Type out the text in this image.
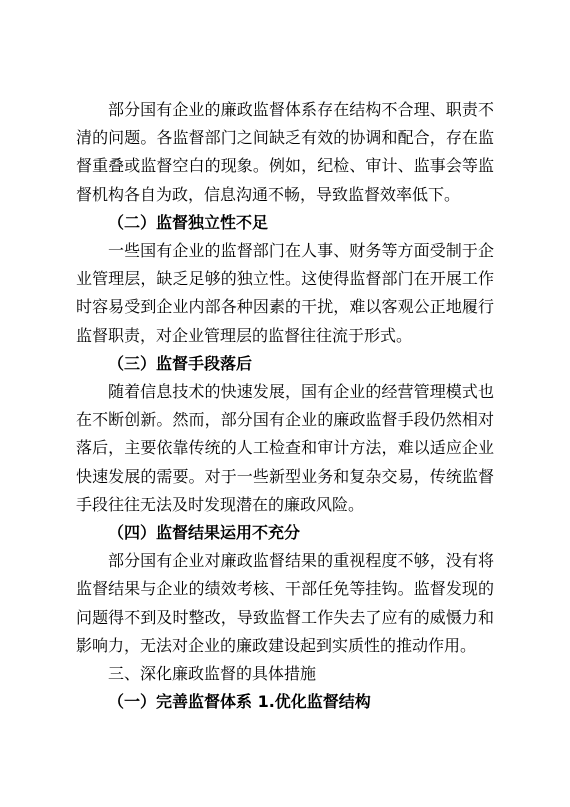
部分国有企业的廉政监督体系存在结构不合理、职责不清的问题。各监督部门之间缺乏有效的协调和配合，存在监督重叠或监督空白的现象。例如，纪检、审计、监事会等监督机构各自为政，信息沟通不畅，导致监督效率低下。

（二）监督独立性不足

一些国有企业的监督部门在人事、财务等方面受制于企业管理层，缺乏足够的独立性。这使得监督部门在开展工作时容易受到企业内部各种因素的干扰，难以客观公正地履行监督职责，对企业管理层的监督往往流于形式。

（三）监督手段落后

随着信息技术的快速发展，国有企业的经营管理模式也在不断创新。然而，部分国有企业的廉政监督手段仍然相对落后，主要依靠传统的人工检查和审计方法，难以适应企业快速发展的需要。对于一些新型业务和复杂交易，传统监督手段往往无法及时发现潜在的廉政风险。

（四）监督结果运用不充分

部分国有企业对廉政监督结果的重视程度不够，没有将监督结果与企业的绩效考核、干部任免等挂钩。监督发现的问题得不到及时整改，导致监督工作失去了应有的威慑力和影响力，无法对企业的廉政建设起到实质性的推动作用。

三、深化廉政监督的具体措施

（一）完善监督体系 1.优化监督结构
